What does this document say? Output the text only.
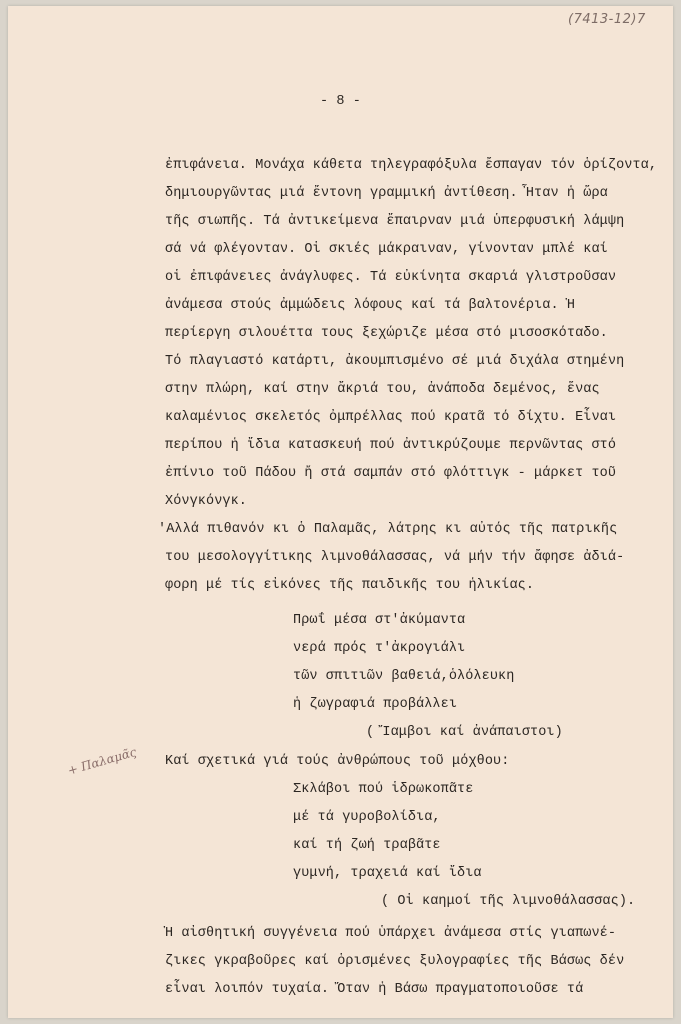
(7413-12)7
- 8 -
ἐπιφάνεια. Μονάχα κάθετα τηλεγραφόξυλα ἔσπαγαν τόν ὁρίζοντα,
δημιουργῶντας μιά ἔντονη γραμμική ἀντίθεση. Ἦταν ἡ ὥρα
τῆς σιωπῆς. Τά ἀντικείμενα ἔπαιρναν μιά ὑπερφυσική λάμψη
σά νά φλέγονταν. Οἱ σκιές μάκραιναν, γίνονταν μπλέ καί
οἱ ἐπιφάνειες ἀνάγλυφες. Τά εὐκίνητα σκαριά γλιστροῦσαν
ἀνάμεσα στούς ἀμμώδεις λόφους καί τά βαλτονέρια. Ἡ
περίεργη σιλουέττα τους ξεχώριζε μέσα στό μισοσκόταδο.
Τό πλαγιαστό κατάρτι, ἀκουμπισμένο σέ μιά διχάλα στημένη
στην πλώρη, καί στην ἄκριά του, ἀνάποδα δεμένος, ἕνας
καλαμένιος σκελετός ὀμπρέλλας πού κρατᾶ τό δίχτυ. Εἶναι
περίπου ἡ ἴδια κατασκευή πού ἀντικρύζουμε περνῶντας στό
ἐπίνιο τοῦ Πάδου ἤ στά σαμπάν στό φλόττιγκ - μάρκετ τοῦ
Χόνγκόνγκ.
'Αλλά πιθανόν κι ὁ Παλαμᾶς, λάτρης κι αὐτός τῆς πατρικῆς
του μεσολογγίτικης λιμνοθάλασσας, νά μήν τήν ἄφησε ἀδιά-
φορη μέ τίς εἰκόνες τῆς παιδικῆς του ἡλικίας.
Πρωΐ μέσα στ'ἀκύμαντα
νερά πρός τ'ἀκρογιάλι
τῶν σπιτιῶν βαθειά,ὁλόλευκη
ἡ ζωγραφιά προβάλλει
( Ἴαμβοι καί ἀνάπαιστοι)
Καί σχετικά γιά τούς ἀνθρώπους τοῦ μόχθου:
+ Παλαμᾶς
Σκλάβοι πού ἱδρωκοπᾶτε
μέ τά γυροβολίδια,
καί τή ζωή τραβᾶτε
γυμνή, τραχειά καί ἴδια
( Οἱ καημοί τῆς λιμνοθάλασσας).
Ἡ αἰσθητική συγγένεια πού ὑπάρχει ἀνάμεσα στίς γιαπωνέ-
ζικες γκραβοῦρες καί ὁρισμένες ξυλογραφίες τῆς Βάσως δέν
εἶναι λοιπόν τυχαία. Ὅταν ἡ Βάσω πραγματοποιοῦσε τά
